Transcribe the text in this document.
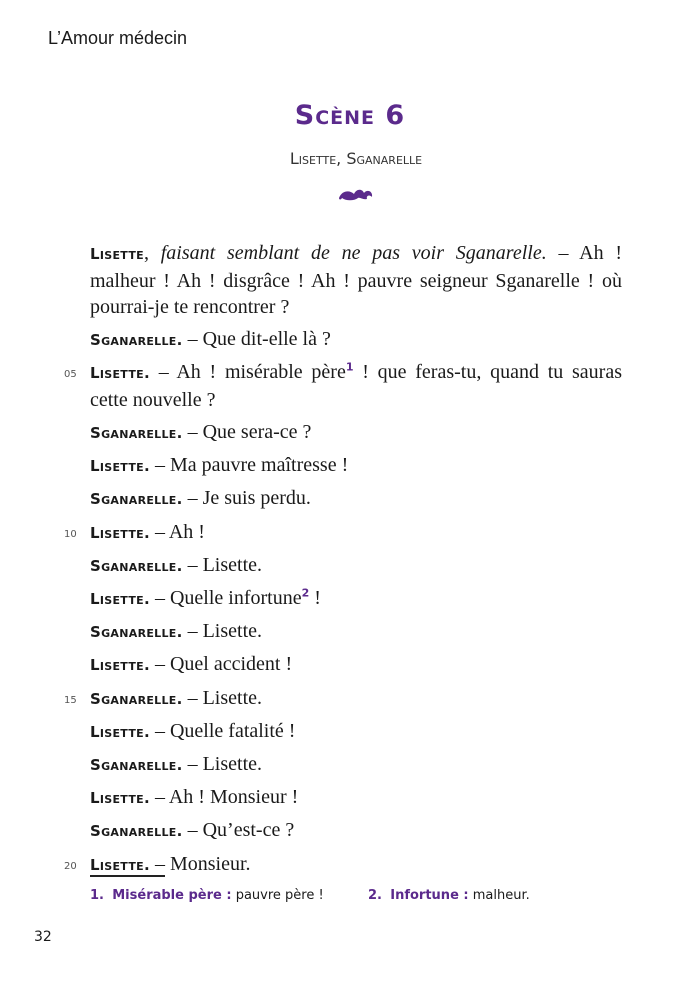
L’Amour médecin
Scène 6
Lisette, Sganarelle
Lisette, faisant semblant de ne pas voir Sganarelle. – Ah ! malheur ! Ah ! disgrâce ! Ah ! pauvre seigneur Sganarelle ! où pourrai-je te rencontrer ?
Sganarelle. – Que dit-elle là ?
05 Lisette. – Ah ! misérable père$^1$ ! que feras-tu, quand tu sauras cette nouvelle ?
Sganarelle. – Que sera-ce ?
Lisette. – Ma pauvre maîtresse !
Sganarelle. – Je suis perdu.
10 Lisette. – Ah !
Sganarelle. – Lisette.
Lisette. – Quelle infortune$^2$ !
Sganarelle. – Lisette.
Lisette. – Quel accident !
15 Sganarelle. – Lisette.
Lisette. – Quelle fatalité !
Sganarelle. – Lisette.
Lisette. – Ah ! Monsieur !
Sganarelle. – Qu’est-ce ?
20 Lisette. – Monsieur.
1. Misérable père : pauvre père !	2. Infortune : malheur.
32
